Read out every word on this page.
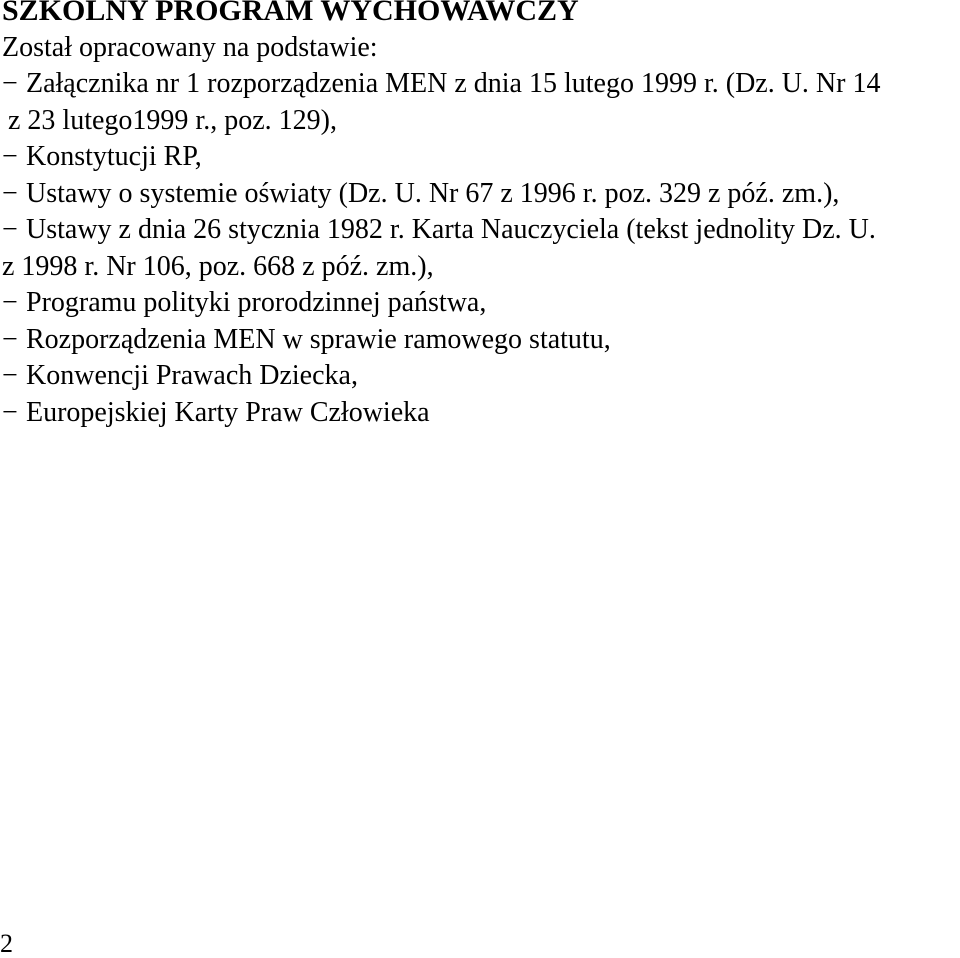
SZKOLNY PROGRAM WYCHOWAWCZY
Został opracowany na podstawie:
− Załącznika nr 1 rozporządzenia MEN z dnia 15 lutego 1999 r. (Dz. U. Nr 14
z 23 lutego1999 r., poz. 129),
− Konstytucji RP,
− Ustawy o systemie oświaty (Dz. U. Nr 67 z 1996 r. poz. 329 z póź. zm.),
− Ustawy z dnia 26 stycznia 1982 r. Karta Nauczyciela (tekst jednolity Dz. U.
z 1998 r. Nr 106, poz. 668 z póź. zm.),
− Programu polityki prorodzinnej państwa,
− Rozporządzenia MEN w sprawie ramowego statutu,
− Konwencji Prawach Dziecka,
− Europejskiej Karty Praw Człowieka
2
